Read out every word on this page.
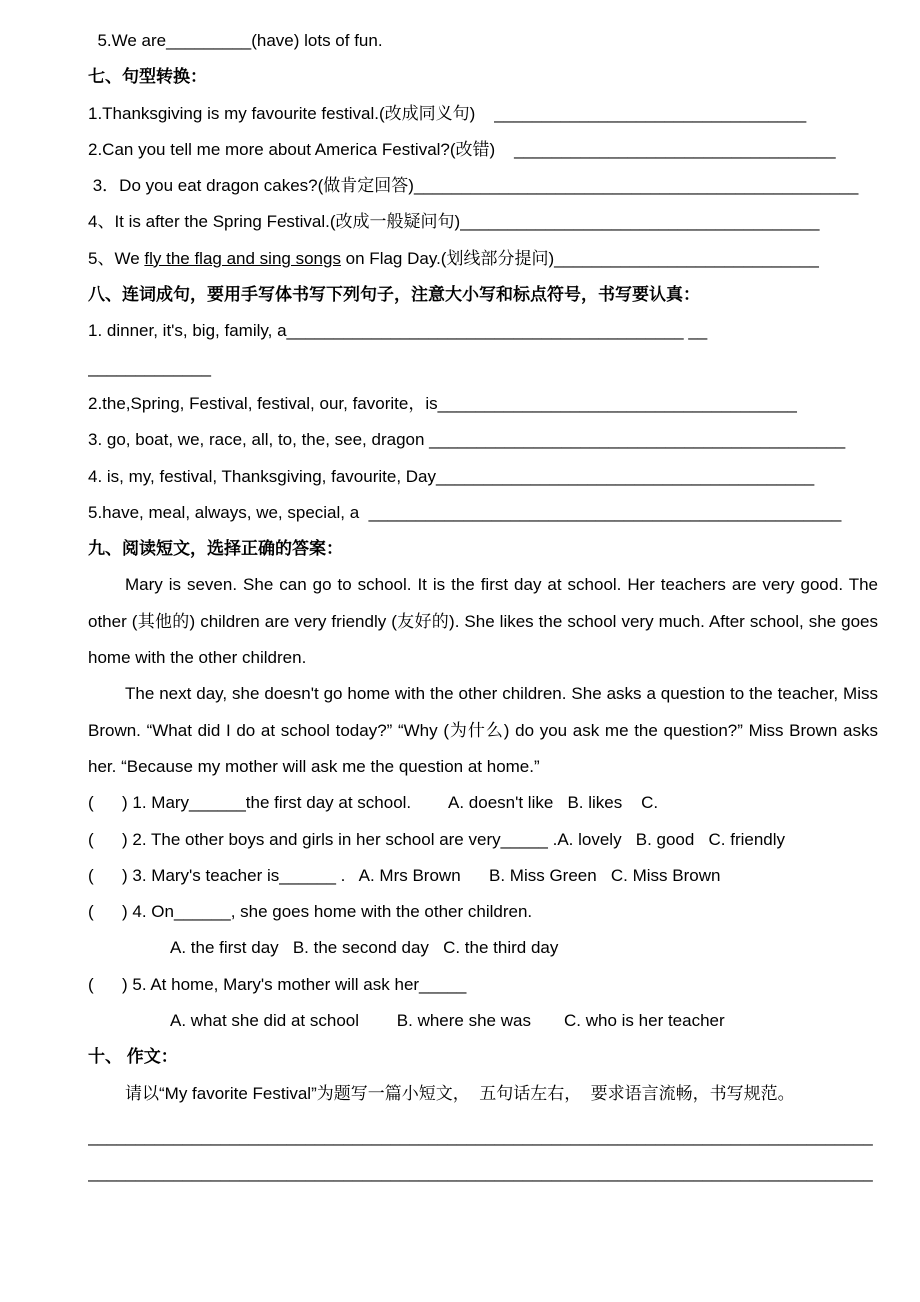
5.We are_________(have) lots of fun.
七、句型转换：
1.Thanksgiving is my favourite festival.(改成同义句)    _________________________________
2.Can you tell me more about America Festival?(改错)    __________________________________
3．Do you eat dragon cakes?(做肯定回答)_______________________________________________
4、It is after the Spring Festival.(改成一般疑问句)______________________________________
5、We fly the flag and sing songs on Flag Day.(划线部分提问)____________________________
八、连词成句，要用手写体书写下列句子，注意大小写和标点符号，书写要认真：
1. dinner, it's, big, family, a__________________________________________ __
_____________
2.the,Spring, Festival, festival, our, favorite，is______________________________________
3. go, boat, we, race, all, to, the, see, dragon ____________________________________________
4. is, my, festival, Thanksgiving, favourite, Day________________________________________
5.have, meal, always, we, special, a  __________________________________________________
九、阅读短文，选择正确的答案：

Mary is seven. She can go to school. It is the first day at school. Her teachers are very good. The other (其他的) children are very friendly (友好的). She likes the school very much. After school, she goes home with the other children.

The next day, she doesn't go home with the other children. She asks a question to the teacher, Miss Brown. “What did I do at school today?” “Why (为什么) do you ask me the question?” Miss Brown asks her. “Because my mother will ask me the question at home.”

(      ) 1. Mary______the first day at school.        A. doesn't like   B. likes    C.
(      ) 2. The other boys and girls in her school are very_____ .A. lovely   B. good   C. friendly
(      ) 3. Mary's teacher is______ .   A. Mrs Brown      B. Miss Green   C. Miss Brown
(      ) 4. On______, she goes home with the other children.
A. the first day   B. the second day   C. the third day
(      ) 5. At home, Mary's mother will ask her_____
A. what she did at school        B. where she was       C. who is her teacher
十、 作文：
请以“My favorite Festival”为题写一篇小短文，  五句话左右，  要求语言流畅，书写规范。
___________________________________________________________________________________
___________________________________________________________________________________
